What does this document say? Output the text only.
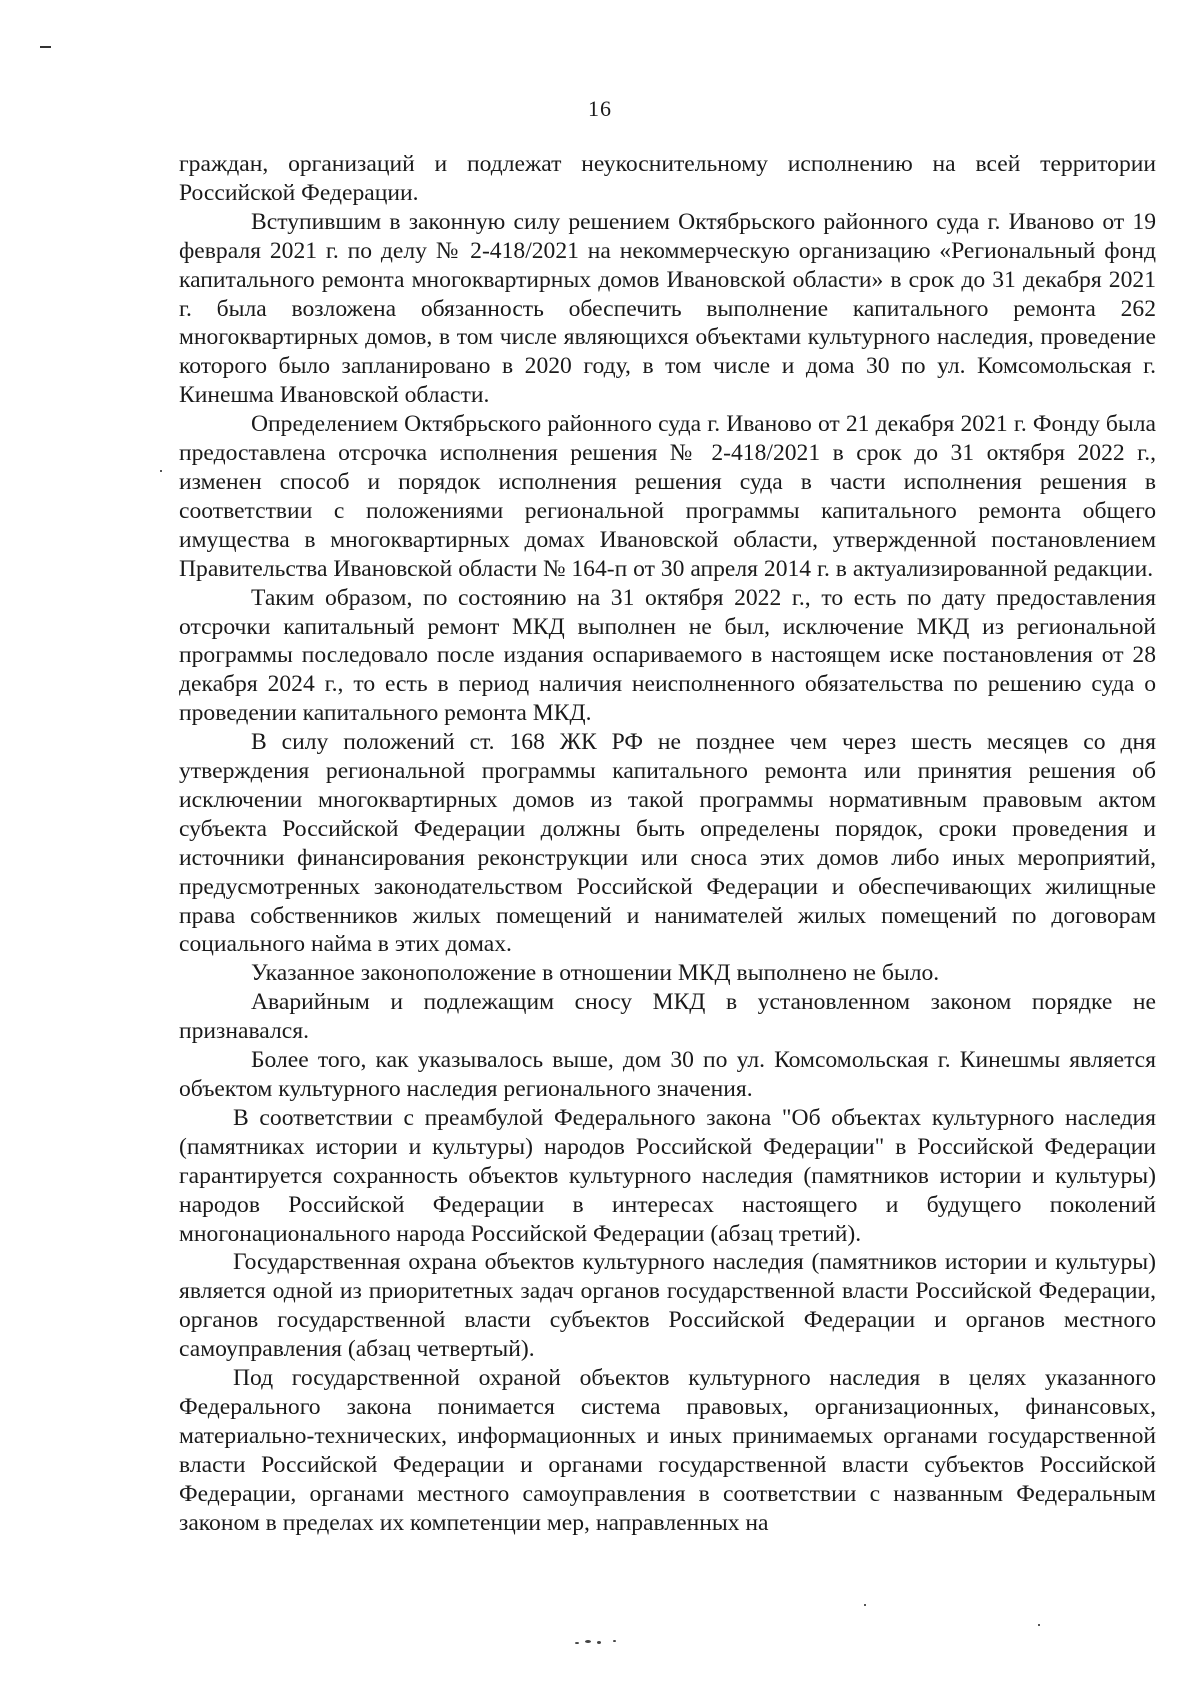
16

граждан, организаций и подлежат неукоснительному исполнению на всей территории Российской Федерации.

Вступившим в законную силу решением Октябрьского районного суда г. Иваново от 19 февраля 2021 г. по делу № 2-418/2021 на некоммерческую организацию «Региональный фонд капитального ремонта многоквартирных домов Ивановской области» в срок до 31 декабря 2021 г. была возложена обязанность обеспечить выполнение капитального ремонта 262 многоквартирных домов, в том числе являющихся объектами культурного наследия, проведение которого было запланировано в 2020 году, в том числе и дома 30 по ул. Комсомольская г. Кинешма Ивановской области.

Определением Октябрьского районного суда г. Иваново от 21 декабря 2021 г. Фонду была предоставлена отсрочка исполнения решения № 2-418/2021 в срок до 31 октября 2022 г., изменен способ и порядок исполнения решения суда в части исполнения решения в соответствии с положениями региональной программы капитального ремонта общего имущества в многоквартирных домах Ивановской области, утвержденной постановлением Правительства Ивановской области № 164-п от 30 апреля 2014 г. в актуализированной редакции.

Таким образом, по состоянию на 31 октября 2022 г., то есть по дату предоставления отсрочки капитальный ремонт МКД выполнен не был, исключение МКД из региональной программы последовало после издания оспариваемого в настоящем иске постановления от 28 декабря 2024 г., то есть в период наличия неисполненного обязательства по решению суда о проведении капитального ремонта МКД.

В силу положений ст. 168 ЖК РФ не позднее чем через шесть месяцев со дня утверждения региональной программы капитального ремонта или принятия решения об исключении многоквартирных домов из такой программы нормативным правовым актом субъекта Российской Федерации должны быть определены порядок, сроки проведения и источники финансирования реконструкции или сноса этих домов либо иных мероприятий, предусмотренных законодательством Российской Федерации и обеспечивающих жилищные права собственников жилых помещений и нанимателей жилых помещений по договорам социального найма в этих домах.

Указанное законоположение в отношении МКД выполнено не было.

Аварийным и подлежащим сносу МКД в установленном законом порядке не признавался.

Более того, как указывалось выше, дом 30 по ул. Комсомольская г. Кинешмы является объектом культурного наследия регионального значения.

В соответствии с преамбулой Федерального закона "Об объектах культурного наследия (памятниках истории и культуры) народов Российской Федерации" в Российской Федерации гарантируется сохранность объектов культурного наследия (памятников истории и культуры) народов Российской Федерации в интересах настоящего и будущего поколений многонационального народа Российской Федерации (абзац третий).

Государственная охрана объектов культурного наследия (памятников истории и культуры) является одной из приоритетных задач органов государственной власти Российской Федерации, органов государственной власти субъектов Российской Федерации и органов местного самоуправления (абзац четвертый).

Под государственной охраной объектов культурного наследия в целях указанного Федерального закона понимается система правовых, организационных, финансовых, материально-технических, информационных и иных принимаемых органами государственной власти Российской Федерации и органами государственной власти субъектов Российской Федерации, органами местного самоуправления в соответствии с названным Федеральным законом в пределах их компетенции мер, направленных на
